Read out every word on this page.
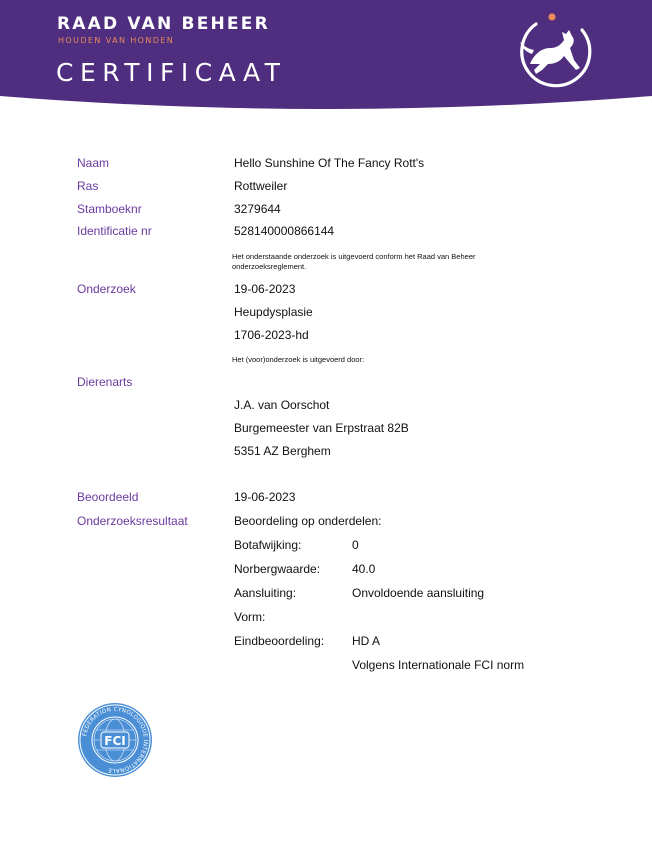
RAAD VAN BEHEER
HOUDEN VAN HONDEN
CERTIFICAAT
Naam	Hello Sunshine Of The Fancy Rott's
Ras	Rottweiler
Stamboeknr	3279644
Identificatie nr	528140000866144
Het onderstaande onderzoek is uitgevoerd conform het Raad van Beheer
onderzoeksreglement.
Onderzoek	19-06-2023
Heupdysplasie
1706-2023-hd
Het (voor)onderzoek is uitgevoerd door:
Dierenarts
J.A. van Oorschot
Burgemeester van Erpstraat 82B
5351 AZ Berghem
Beoordeeld	19-06-2023
Onderzoeksresultaat	Beoordeling op onderdelen:
Botafwijking:	0
Norbergwaarde:	40.0
Aansluiting:	Onvoldoende aansluiting
Vorm:
Eindbeoordeling: HD A
Volgens Internationale FCI norm
FCI
FEDERATION CYNOLOGIQUE INTERNATIONALE
